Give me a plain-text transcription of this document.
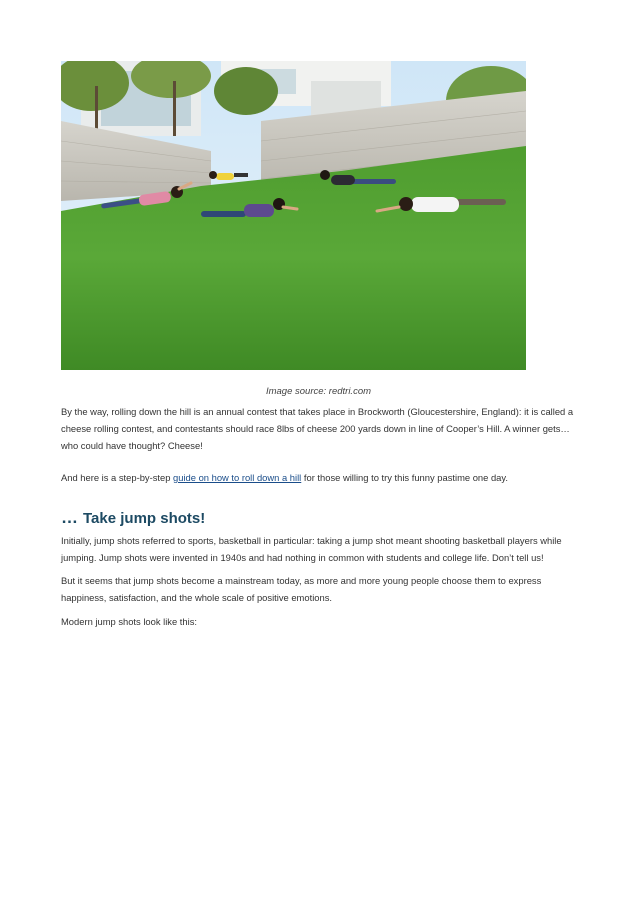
Image source: redtri.com

By the way, rolling down the hill is an annual contest that takes place in Brockworth (Gloucestershire, England): it is called a cheese rolling contest, and contestants should race 8lbs of cheese 200 yards down in line of Cooper’s Hill. A winner gets… who could have thought? Cheese!

And here is a step-by-step guide on how to roll down a hill for those willing to try this funny pastime one day.

… Take jump shots!

Initially, jump shots referred to sports, basketball in particular: taking a jump shot meant shooting basketball players while jumping. Jump shots were invented in 1940s and had nothing in common with students and college life. Don’t tell us!

But it seems that jump shots become a mainstream today, as more and more young people choose them to express happiness, satisfaction, and the whole scale of positive emotions.

Modern jump shots look like this:
